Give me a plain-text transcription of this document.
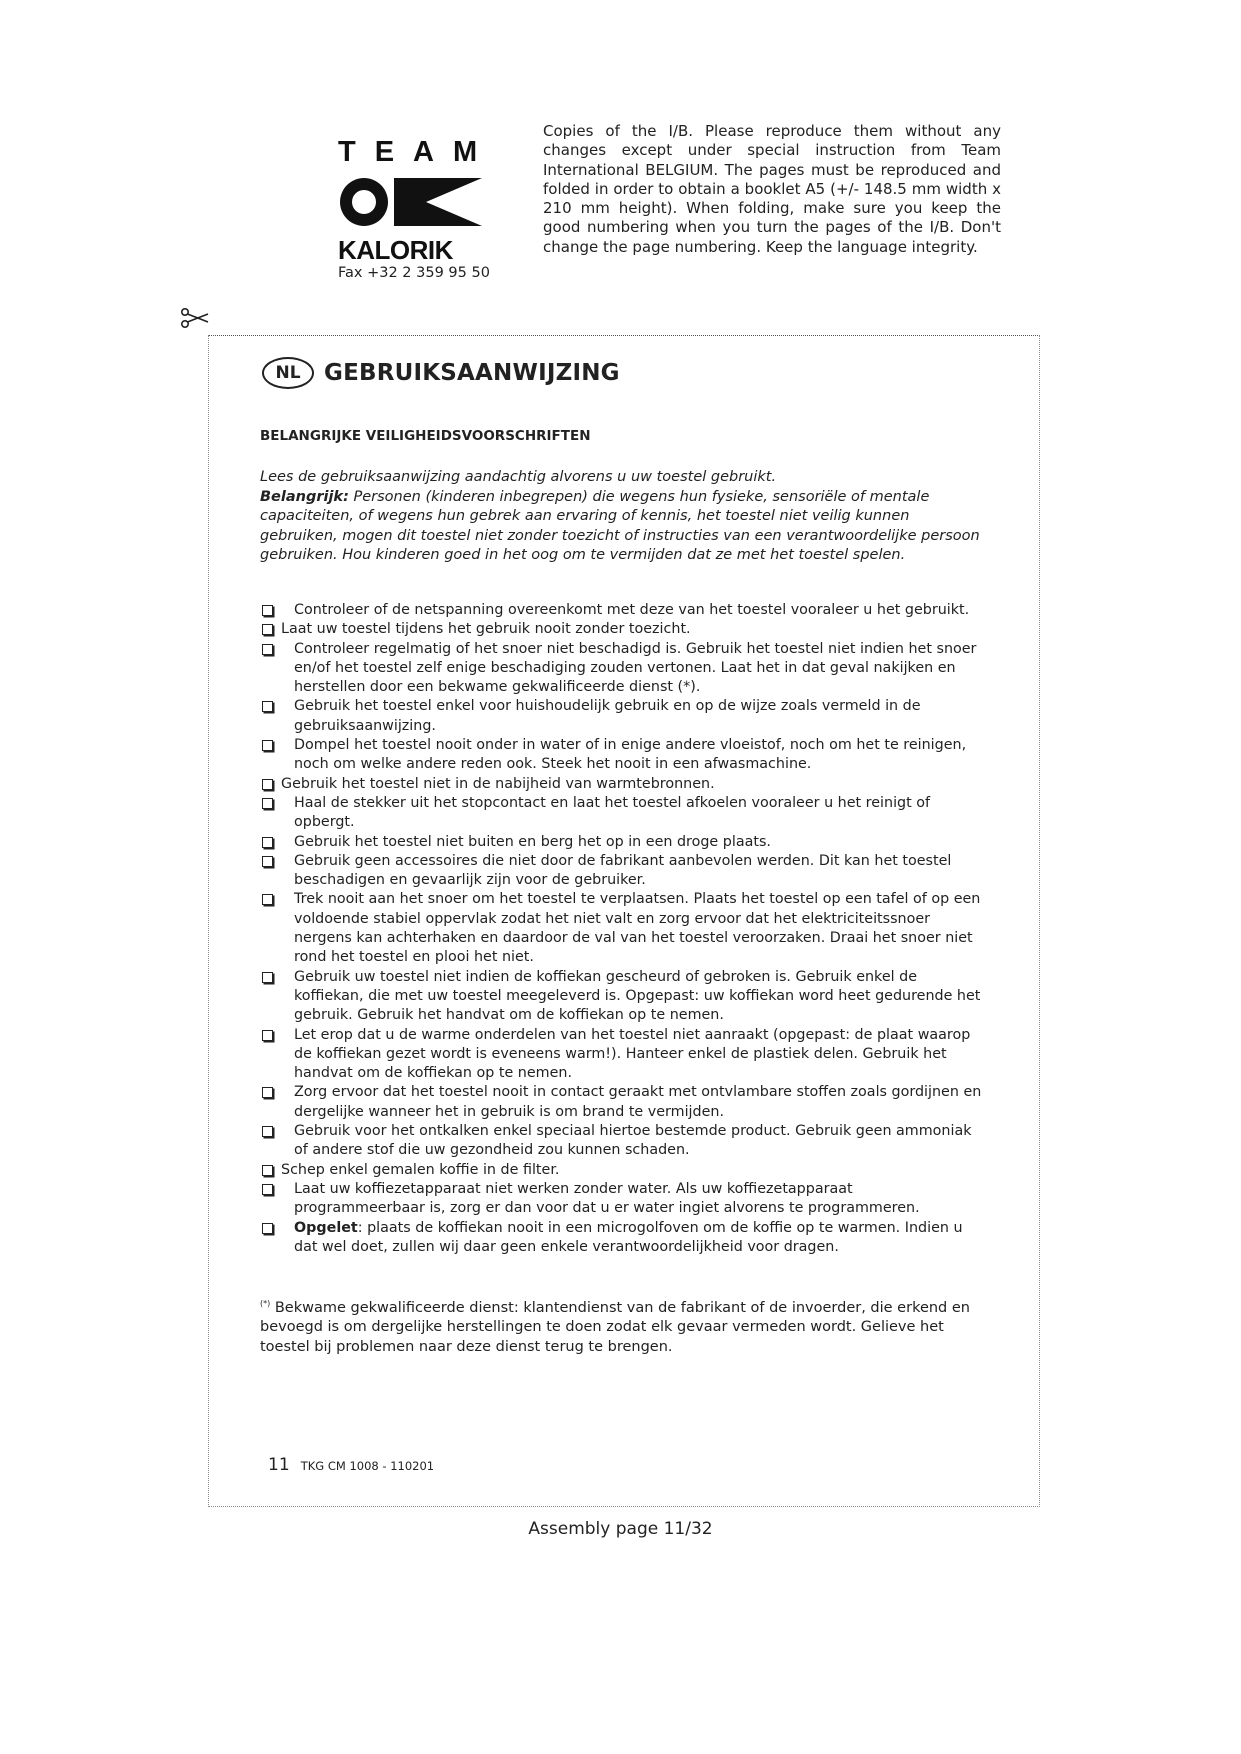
TEAM
KALORIK
Fax +32 2 359 95 50
Copies of the I/B. Please reproduce them without any changes except under special instruction from Team International BELGIUM. The pages must be reproduced and folded in order to obtain a booklet A5 (+/- 148.5 mm width x 210 mm height). When folding, make sure you keep the good numbering when you turn the pages of the I/B. Don't change the page numbering. Keep the language integrity.
NL	GEBRUIKSAANWIJZING
BELANGRIJKE VEILIGHEIDSVOORSCHRIFTEN
Lees de gebruiksaanwijzing aandachtig alvorens u uw toestel gebruikt.
Belangrijk: Personen (kinderen inbegrepen) die wegens hun fysieke, sensoriële of mentale capaciteiten, of wegens hun gebrek aan ervaring of kennis, het toestel niet veilig kunnen gebruiken, mogen dit toestel niet zonder toezicht of instructies van een verantwoordelijke persoon gebruiken. Hou kinderen goed in het oog om te vermijden dat ze met het toestel spelen.
Controleer of de netspanning overeenkomt met deze van het toestel vooraleer u het gebruikt.
Laat uw toestel tijdens het gebruik nooit zonder toezicht.
Controleer regelmatig of het snoer niet beschadigd is. Gebruik het toestel niet indien het snoer en/of het toestel zelf enige beschadiging zouden vertonen. Laat het in dat geval nakijken en herstellen door een bekwame gekwalificeerde dienst (*).
Gebruik het toestel enkel voor huishoudelijk gebruik en op de wijze zoals vermeld in de gebruiksaanwijzing.
Dompel het toestel nooit onder in water of in enige andere vloeistof, noch om het te reinigen, noch om welke andere reden ook. Steek het nooit in een afwasmachine.
Gebruik het toestel niet in de nabijheid van warmtebronnen.
Haal de stekker uit het stopcontact en laat het toestel afkoelen vooraleer u het reinigt of opbergt.
Gebruik het toestel niet buiten en berg het op in een droge plaats.
Gebruik geen accessoires die niet door de fabrikant aanbevolen werden. Dit kan het toestel beschadigen en gevaarlijk zijn voor de gebruiker.
Trek nooit aan het snoer om het toestel te verplaatsen. Plaats het toestel op een tafel of op een voldoende stabiel oppervlak zodat het niet valt en zorg ervoor dat het elektriciteitssnoer nergens kan achterhaken en daardoor de val van het toestel veroorzaken. Draai het snoer niet rond het toestel en plooi het niet.
Gebruik uw toestel niet indien de koffiekan gescheurd of gebroken is. Gebruik enkel de koffiekan, die met uw toestel meegeleverd is. Opgepast: uw koffiekan word heet gedurende het gebruik. Gebruik het handvat om de koffiekan op te nemen.
Let erop dat u de warme onderdelen van het toestel niet aanraakt (opgepast: de plaat waarop de koffiekan gezet wordt is eveneens warm!). Hanteer enkel de plastiek delen. Gebruik het handvat om de koffiekan op te nemen.
Zorg ervoor dat het toestel nooit in contact geraakt met ontvlambare stoffen zoals gordijnen en dergelijke wanneer het in gebruik is om brand te vermijden.
Gebruik voor het ontkalken enkel speciaal hiertoe bestemde product. Gebruik geen ammoniak of andere stof die uw gezondheid zou kunnen schaden.
Schep enkel gemalen koffie in de filter.
Laat uw koffiezetapparaat niet werken zonder water. Als uw koffiezetapparaat programmeerbaar is, zorg er dan voor dat u er water ingiet alvorens te programmeren.
Opgelet: plaats de koffiekan nooit in een microgolfoven om de koffie op te warmen. Indien u dat wel doet, zullen wij daar geen enkele verantwoordelijkheid voor dragen.
(*) Bekwame gekwalificeerde dienst: klantendienst van de fabrikant of de invoerder, die erkend en bevoegd is om dergelijke herstellingen te doen zodat elk gevaar vermeden wordt. Gelieve het toestel bij problemen naar deze dienst terug te brengen.
11 TKG CM 1008 - 110201
Assembly page 11/32
